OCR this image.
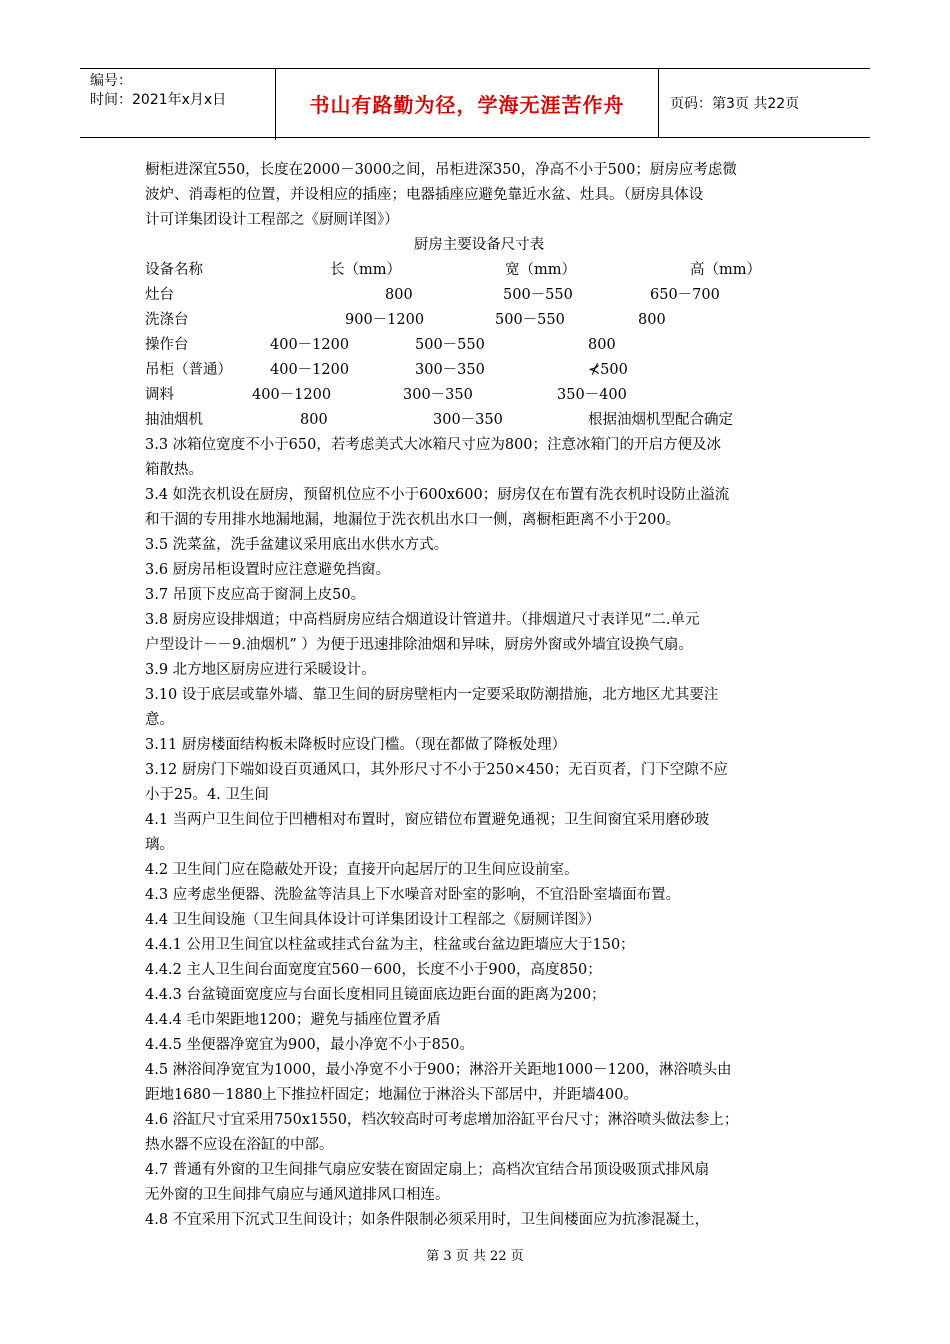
编号：
时间：2021年x月x日	书山有路勤为径，学海无涯苦作舟	页码：第3页 共22页

橱柜进深宜550，长度在2000－3000之间，吊柜进深350，净高不小于500；厨房应考虑微

波炉、消毒柜的位置，并设相应的插座；电器插座应避免靠近水盆、灶具。（厨房具体设

计可详集团设计工程部之《厨厕详图》）

厨房主要设备尺寸表

设备名称	长（mm）	宽（mm）	高（mm）
灶台	800	500－550	650－700
洗涤台	900－1200	500－550	800
操作台	400－1200	500－550	800
吊柜（普通）	400－1200	300－350	⊀500
调料	400－1200	300－350	350－400
抽油烟机	800	300－350	根据油烟机型配合确定

3.3 冰箱位宽度不小于650，若考虑美式大冰箱尺寸应为800；注意冰箱门的开启方便及冰

箱散热。

3.4 如洗衣机设在厨房，预留机位应不小于600x600；厨房仅在布置有洗衣机时设防止溢流

和干涸的专用排水地漏地漏，地漏位于洗衣机出水口一侧，离橱柜距离不小于200。

3.5 洗菜盆，洗手盆建议采用底出水供水方式。

3.6 厨房吊柜设置时应注意避免挡窗。

3.7 吊顶下皮应高于窗洞上皮50。

3.8 厨房应设排烟道；中高档厨房应结合烟道设计管道井。（排烟道尺寸表详见“二.单元

户型设计－－9.油烟机” ）为便于迅速排除油烟和异味，厨房外窗或外墙宜设换气扇。

3.9 北方地区厨房应进行采暖设计。

3.10 设于底层或靠外墙、靠卫生间的厨房壁柜内一定要采取防潮措施，北方地区尤其要注

意。

3.11 厨房楼面结构板未降板时应设门槛。（现在都做了降板处理）

3.12 厨房门下端如设百页通风口，其外形尺寸不小于250×450；无百页者，门下空隙不应

小于25。4. 卫生间

4.1 当两户卫生间位于凹槽相对布置时，窗应错位布置避免通视；卫生间窗宜采用磨砂玻

璃。

4.2 卫生间门应在隐蔽处开设；直接开向起居厅的卫生间应设前室。

4.3 应考虑坐便器、洗脸盆等洁具上下水噪音对卧室的影响，不宜沿卧室墙面布置。

4.4 卫生间设施（卫生间具体设计可详集团设计工程部之《厨厕详图》）

4.4.1 公用卫生间宜以柱盆或挂式台盆为主，柱盆或台盆边距墙应大于150；

4.4.2 主人卫生间台面宽度宜560－600，长度不小于900，高度850；

4.4.3 台盆镜面宽度应与台面长度相同且镜面底边距台面的距离为200；

4.4.4 毛巾架距地1200；避免与插座位置矛盾

4.4.5 坐便器净宽宜为900，最小净宽不小于850。

4.5 淋浴间净宽宜为1000，最小净宽不小于900；淋浴开关距地1000－1200，淋浴喷头由

距地1680－1880上下推拉杆固定；地漏位于淋浴头下部居中，并距墙400。

4.6 浴缸尺寸宜采用750x1550，档次较高时可考虑增加浴缸平台尺寸；淋浴喷头做法参上；

热水器不应设在浴缸的中部。

4.7 普通有外窗的卫生间排气扇应安装在窗固定扇上；高档次宜结合吊顶设吸顶式排风扇

无外窗的卫生间排气扇应与通风道排风口相连。

4.8 不宜采用下沉式卫生间设计；如条件限制必须采用时，卫生间楼面应为抗渗混凝土，

第 3 页 共 22 页
